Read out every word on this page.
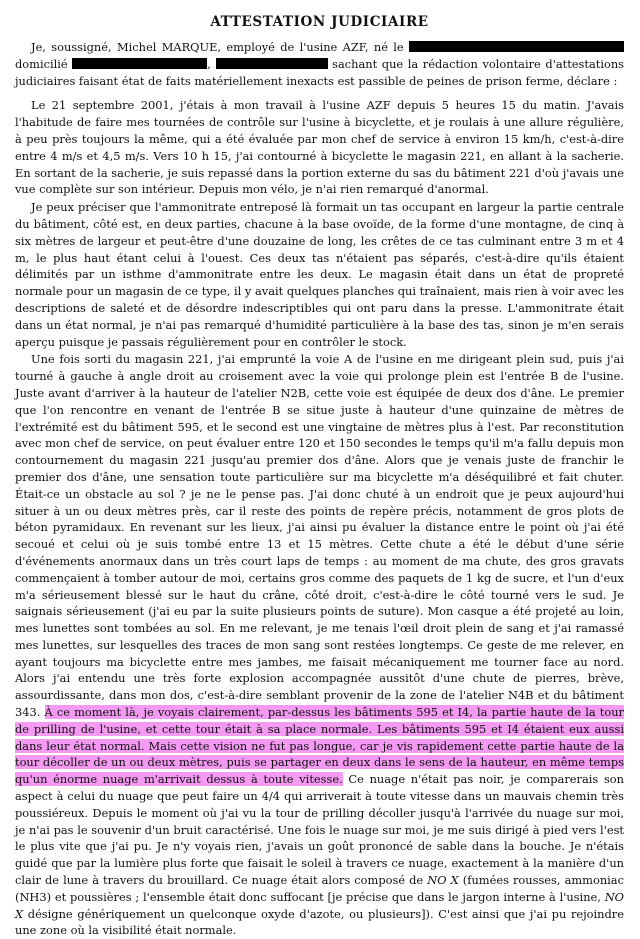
ATTESTATION JUDICIAIRE

Je, soussigné, Michel MARQUE, employé de l'usine AZF, né le  domicilié	,	sachant que la rédaction volontaire d'attestations judiciaires faisant état de faits matériellement inexacts est passible de peines de prison ferme, déclare :

Le 21 septembre 2001, j'étais à mon travail à l'usine AZF depuis 5 heures 15 du matin. J'avais l'habitude de faire mes tournées de contrôle sur l'usine à bicyclette, et je roulais à une allure régulière, à peu près toujours la même, qui a été évaluée par mon chef de service à environ 15 km/h, c'est-à-dire entre 4 m/s et 4,5 m/s. Vers 10 h 15, j'ai contourné à bicyclette le magasin 221, en allant à la sacherie. En sortant de la sacherie, je suis repassé dans la portion externe du sas du bâtiment 221 d'où j'avais une vue complète sur son intérieur. Depuis mon vélo, je n'ai rien remarqué d'anormal.

Je peux préciser que l'ammonitrate entreposé là formait un tas occupant en largeur la partie centrale du bâtiment, côté est, en deux parties, chacune à la base ovoïde, de la forme d'une montagne, de cinq à six mètres de largeur et peut-être d'une douzaine de long, les crêtes de ce tas culminant entre 3 m et 4 m, le plus haut étant celui à l'ouest. Ces deux tas n'étaient pas séparés, c'est-à-dire qu'ils étaient délimités par un isthme d'ammonitrate entre les deux. Le magasin était dans un état de propreté normale pour un magasin de ce type, il y avait quelques planches qui traînaient, mais rien à voir avec les descriptions de saleté et de désordre indescriptibles qui ont paru dans la presse. L'ammonitrate était dans un état normal, je n'ai pas remarqué d'humidité particulière à la base des tas, sinon je m'en serais aperçu puisque je passais régulièrement pour en contrôler le stock.

Une fois sorti du magasin 221, j'ai emprunté la voie A de l'usine en me dirigeant plein sud, puis j'ai tourné à gauche à angle droit au croisement avec la voie qui prolonge plein est l'entrée B de l'usine. Juste avant d'arriver à la hauteur de l'atelier N2B, cette voie est équipée de deux dos d'âne. Le premier que l'on rencontre en venant de l'entrée B se situe juste à hauteur d'une quinzaine de mètres de l'extrémité est du bâtiment 595, et le second est une vingtaine de mètres plus à l'est. Par reconstitution avec mon chef de service, on peut évaluer entre 120 et 150 secondes le temps qu'il m'a fallu depuis mon contournement du magasin 221 jusqu'au premier dos d'âne. Alors que je venais juste de franchir le premier dos d'âne, une sensation toute particulière sur ma bicyclette m'a déséquilibré et fait chuter. Était-ce un obstacle au sol ? je ne le pense pas. J'ai donc chuté à un endroit que je peux aujourd'hui situer à un ou deux mètres près, car il reste des points de repère précis, notamment de gros plots de béton pyramidaux. En revenant sur les lieux, j'ai ainsi pu évaluer la distance entre le point où j'ai été secoué et celui où je suis tombé entre 13 et 15 mètres. Cette chute a été le début d'une série d'événements anormaux dans un très court laps de temps : au moment de ma chute, des gros gravats commençaient à tomber autour de moi, certains gros comme des paquets de 1 kg de sucre, et l'un d'eux m'a sérieusement blessé sur le haut du crâne, côté droit, c'est-à-dire le côté tourné vers le sud. Je saignais sérieusement (j'ai eu par la suite plusieurs points de suture). Mon casque a été projeté au loin, mes lunettes sont tombées au sol. En me relevant, je me tenais l'œil droit plein de sang et j'ai ramassé mes lunettes, sur lesquelles des traces de mon sang sont restées longtemps. Ce geste de me relever, en ayant toujours ma bicyclette entre mes jambes, me faisait mécaniquement me tourner face au nord. Alors j'ai entendu une très forte explosion accompagnée aussitôt d'une chute de pierres, brève, assourdissante, dans mon dos, c'est-à-dire semblant provenir de la zone de l'atelier N4B et du bâtiment 343. À ce moment là, je voyais clairement, par-dessus les bâtiments 595 et I4, la partie haute de la tour de prilling de l'usine, et cette tour était à sa place normale. Les bâtiments 595 et I4 étaient eux aussi dans leur état normal. Mais cette vision ne fut pas longue, car je vis rapidement cette partie haute de la tour décoller de un ou deux mètres, puis se partager en deux dans le sens de la hauteur, en même temps qu'un énorme nuage m'arrivait dessus à toute vitesse. Ce nuage n'était pas noir, je comparerais son aspect à celui du nuage que peut faire un 4/4 qui arriverait à toute vitesse dans un mauvais chemin très poussiéreux. Depuis le moment où j'ai vu la tour de prilling décoller jusqu'à l'arrivée du nuage sur moi, je n'ai pas le souvenir d'un bruit caractérisé. Une fois le nuage sur moi, je me suis dirigé à pied vers l'est le plus vite que j'ai pu. Je n'y voyais rien, j'avais un goût prononcé de sable dans la bouche. Je n'étais guidé que par la lumière plus forte que faisait le soleil à travers ce nuage, exactement à la manière d'un clair de lune à travers du brouillard. Ce nuage était alors composé de NO X (fumées rousses, ammoniac (NH3) et poussières ; l'ensemble était donc suffocant [je précise que dans le jargon interne à l'usine, NO X désigne génériquement un quelconque oxyde d'azote, ou plusieurs]). C'est ainsi que j'ai pu rejoindre une zone où la visibilité était normale.
